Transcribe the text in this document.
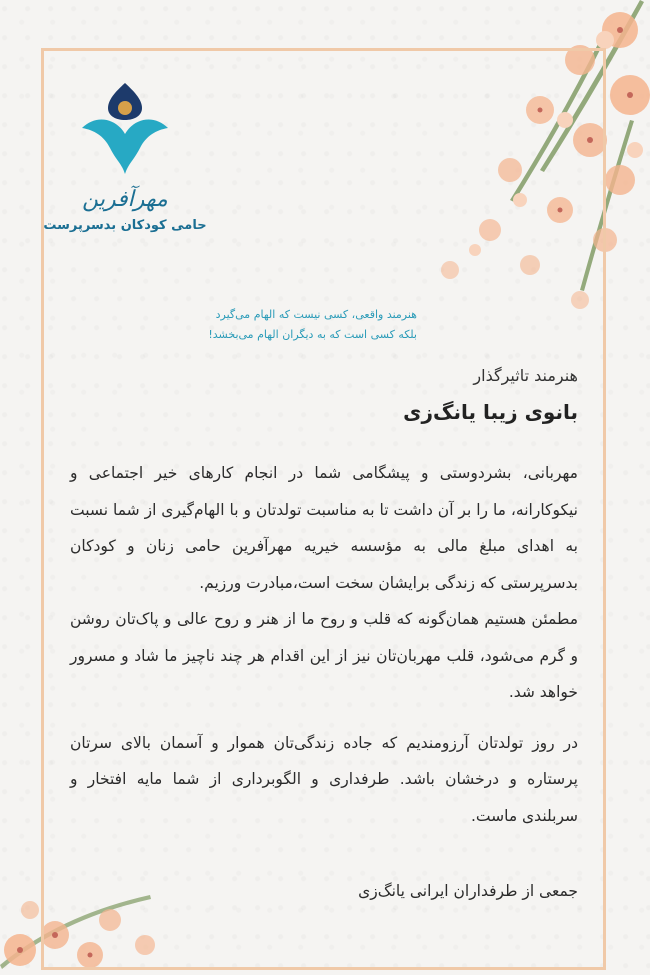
مهرآفرین
حامی کودکان بدسرپرست
هنرمند واقعی، کسی نیست که الهام می‌گیرد
بلکه کسی است که به دیگران الهام می‌بخشد!
هنرمند تاثیرگذار
بانوی زیبا یانگ‌زی

مهربانی، بشردوستی و پیشگامی شما در انجام کارهای خیر اجتماعی و نیکوکارانه، ما را بر آن داشت تا به مناسبت تولدتان و با الهام‌گیری از شما نسبت به اهدای مبلغ مالی به مؤسسه خیریه مهرآفرین حامی زنان و کودکان بدسرپرستی که زندگی برایشان سخت است،مبادرت ورزیم.

مطمئن هستیم همان‌گونه که قلب و روح ما از هنر و روح عالی و پاک‌تان روشن و گرم می‌شود، قلب مهربان‌تان نیز از این اقدام هر چند ناچیز ما شاد و مسرور خواهد شد.

در روز تولدتان آرزومندیم که جاده زندگی‌تان هموار و آسمان بالای سرتان پرستاره و درخشان باشد. طرفداری و الگوبرداری از شما مایه افتخار و سربلندی ماست.

جمعی از طرفداران ایرانی یانگ‌زی
